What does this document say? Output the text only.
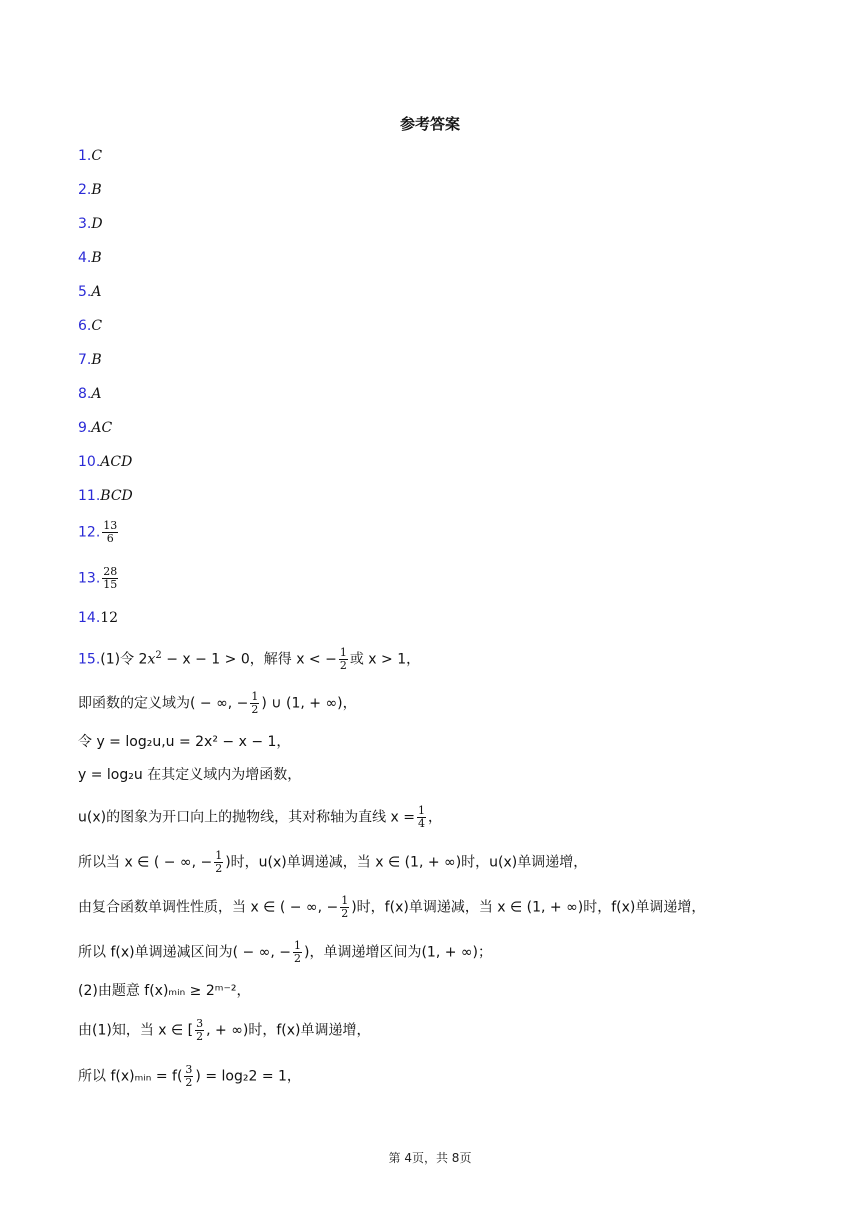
参考答案
1.C
2.B
3.D
4.B
5.A
6.C
7.B
8.A
9.AC
10.ACD
11.BCD
12. $\frac{13}{6}$
13. $\frac{28}{15}$
14.12
15.(1)令 $2x^2 - x - 1 > 0$，解得 x < − $\frac{1}{2}$ 或 x > 1，
即函数的定义域为( − ∞, − $\frac{1}{2}$ ) ∪ (1, + ∞)，
令 y = log₂u,u = 2x² − x − 1，
y = log₂u 在其定义域内为增函数，
u(x)的图象为开口向上的抛物线，其对称轴为直线 $x = \frac{1}{4}$ ，
所以当 x ∈ ( − ∞, − $\frac{1}{2}$ )时，u(x)单调递减，当 x ∈ (1, + ∞)时，u(x)单调递增，
由复合函数单调性性质，当 x ∈ ( − ∞, − $\frac{1}{2}$ )时，f(x)单调递减，当 x ∈ (1, + ∞)时，f(x)单调递增，
所以 f(x)单调递减区间为( − ∞, − $\frac{1}{2}$ )，单调递增区间为(1, + ∞)；
(2)由题意 f(x)ₘᵢₙ ≥ 2ᵐ⁻²，
由(1)知，当 x ∈ [ $\frac{3}{2}$ , + ∞)时，f(x)单调递增，
所以 f(x)ₘᵢₙ = $f( \frac{3}{2}$ ) = log₂2 = 1，
第 4页，共 8页
